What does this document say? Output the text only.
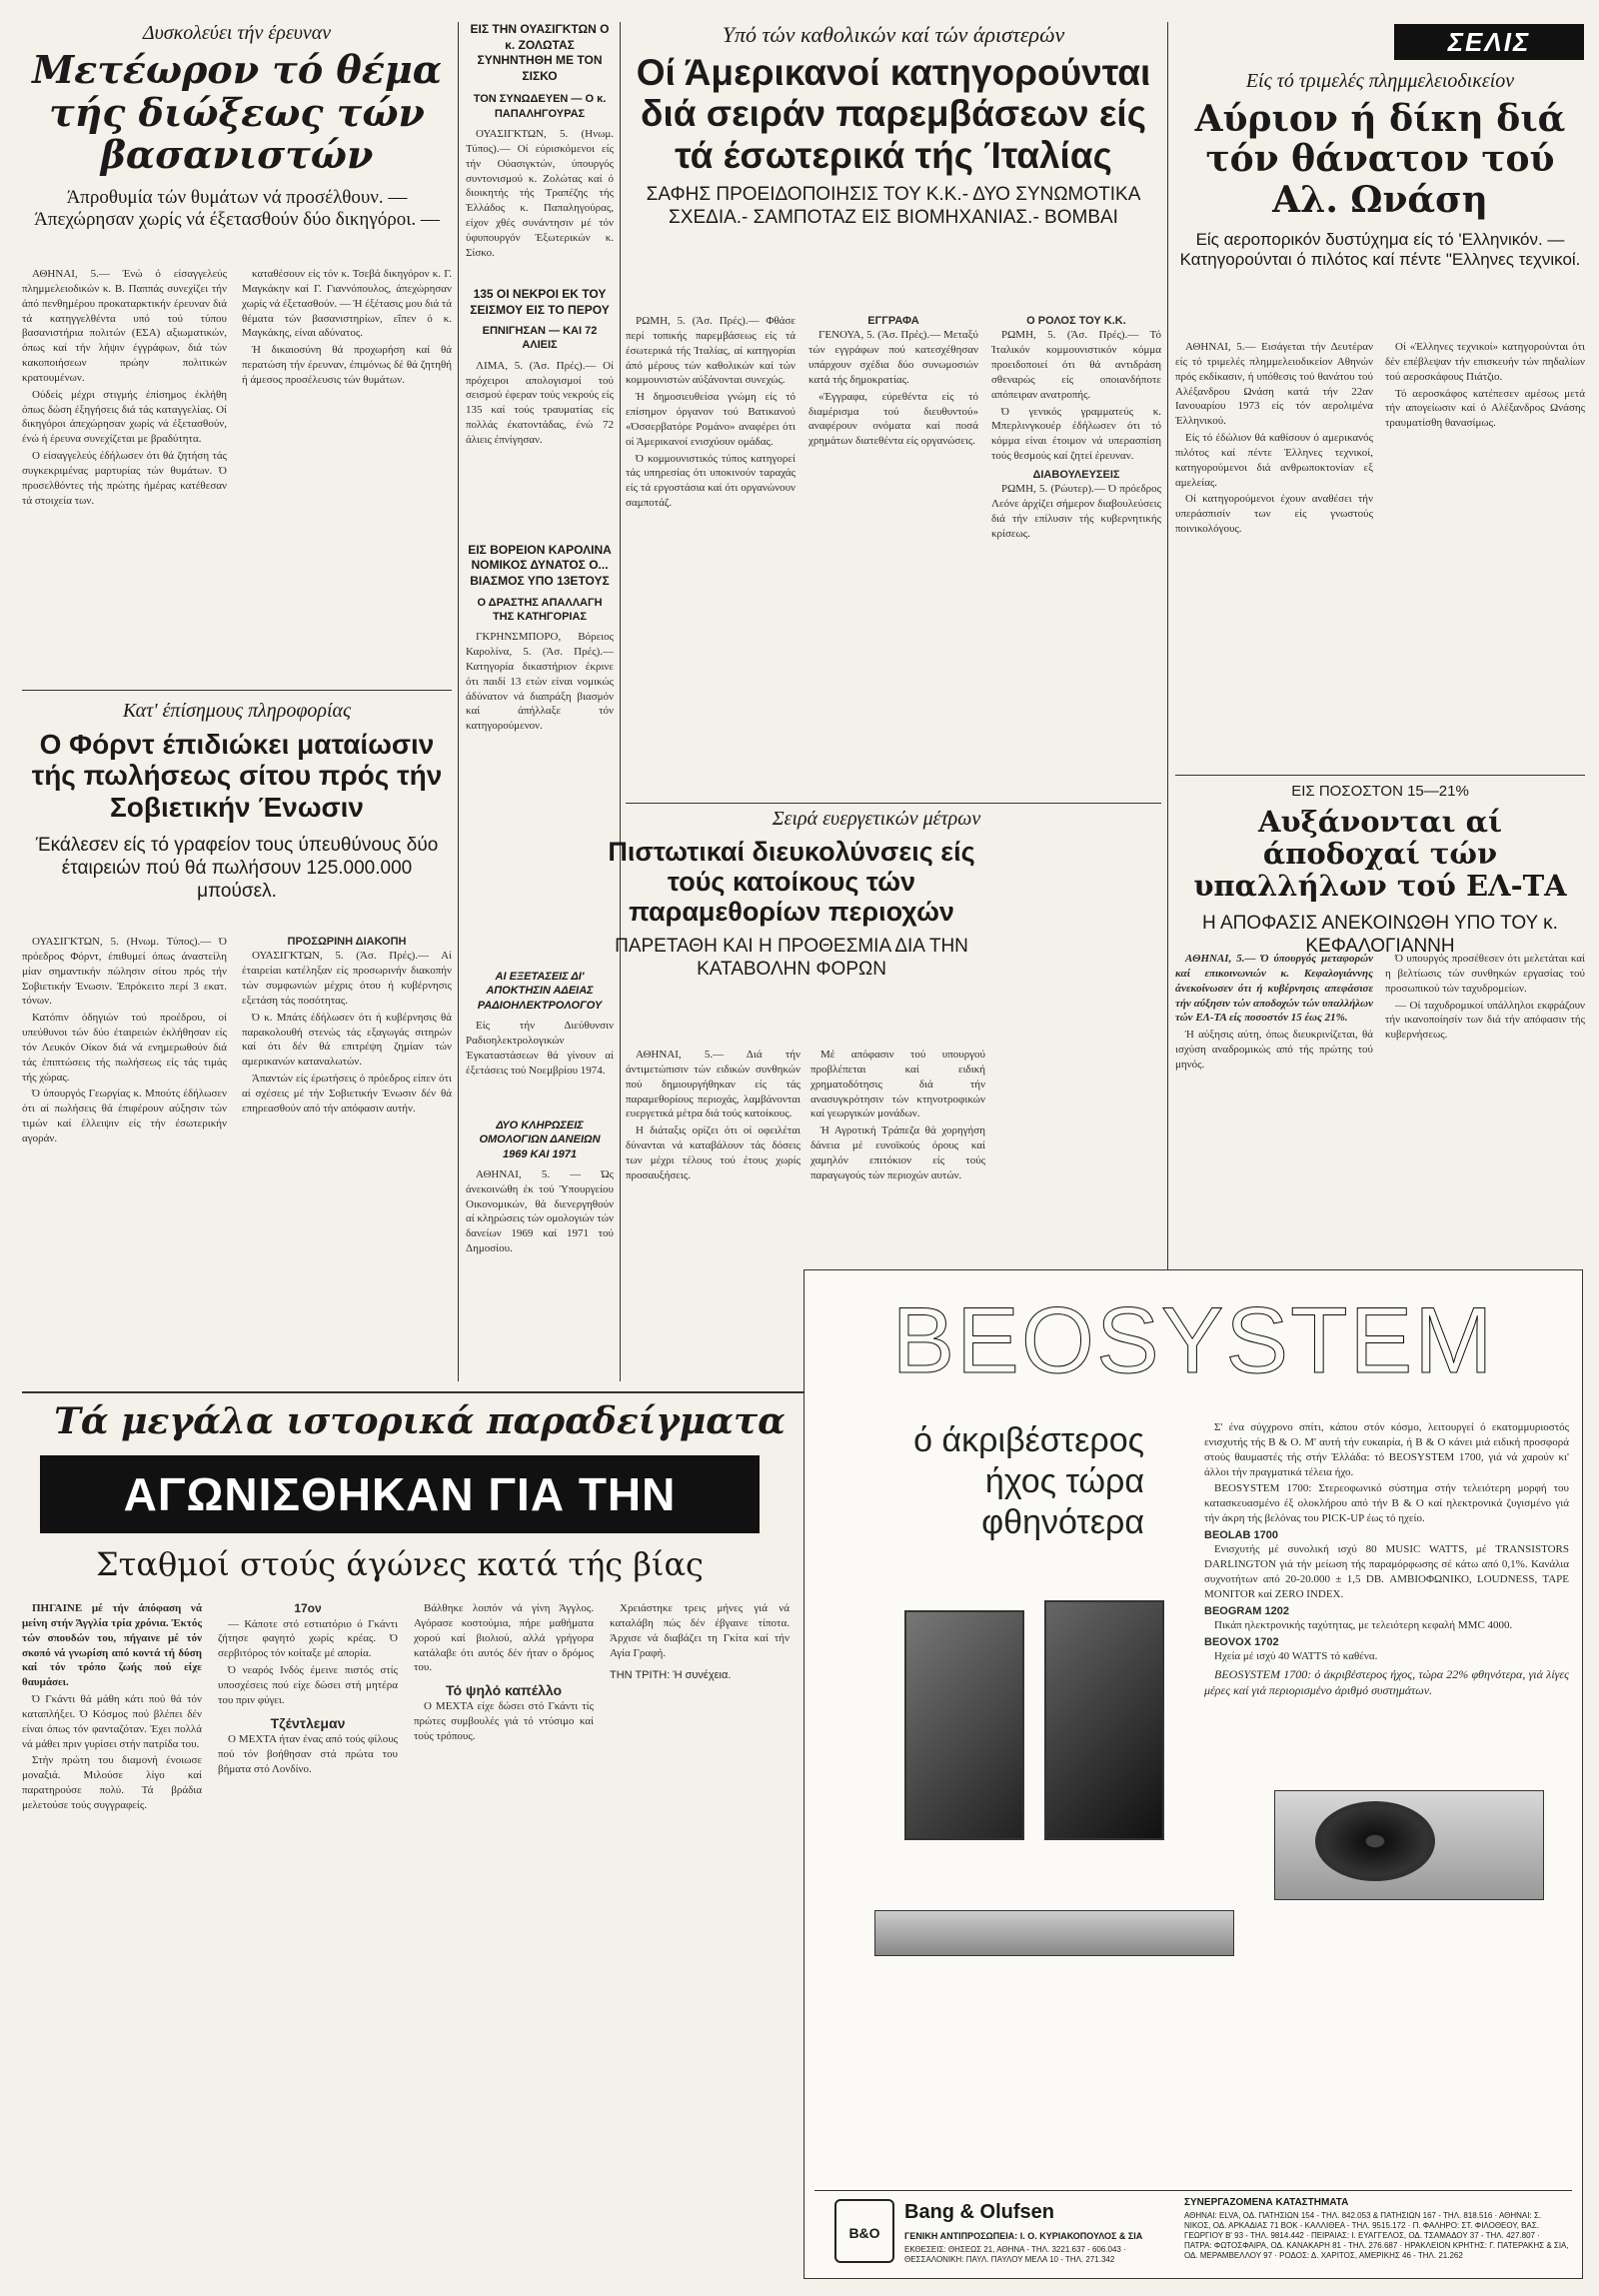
Δυσκολεύει τήν έρευναν
Μετέωρον τό θέμα τής διώξεως τών βασανιστών
Άπροθυμία τών θυμάτων νά προσέλθουν. — Άπεχώρησαν χωρίς νά έξετασθούν δύο δικηγόροι. —

ΑΘΗΝΑΙ, 5.— Ένώ ό είσαγγελεύς πλημμελειοδικών κ. Β. Παππάς συνεχίζει τήν άπό πενθημέρου προκαταρκτικήν έρευναν διά τά κατηγγελθέντα υπό τού τύπου βασανιστήρια πολιτών (ΕΣΑ) αξιωματικών, όπως καί τήν λήψιν έγγράφων, διά τών κακοποιήσεων πρώην πολιτικών κρατουμένων.

Ούδείς μέχρι στιγμής έπίσημος έκλήθη όπως δώση έξηγήσεις διά τάς καταγγελίας. Οί δικηγόροι άπεχώρησαν χωρίς νά έξετασθούν, ένώ ή έρευνα συνεχίζεται με βραδύτητα.

Ο είσαγγελεύς έδήλωσεν ότι θά ζητήση τάς συγκεκριμένας μαρτυρίας τών θυμάτων. Ό προσελθόντες τής πρώτης ήμέρας κατέθεσαν τά στοιχεία των.

καταθέσουν είς τόν κ. Τσεβά δικηγόρον κ. Γ. Μαγκάκην καί Γ. Γιαννόπουλος, άπεχώρησαν χωρίς νά έξετασθούν. — Ή έξέτασις μου διά τά θέματα τών βασανιστηρίων, εΐπεν ό κ. Μαγκάκης, είναι αδύνατος.

Ή δικαιοσύνη θά προχωρήση καί θά περατώση τήν έρευναν, έπιμόνως δέ θά ζητηθή ή άμεσος προσέλευσις τών θυμάτων.

Κατ' έπίσημους πληροφορίας
Ο Φόρντ έπιδιώκει ματαίωσιν τής πωλήσεως σίτου πρός τήν Σοβιετικήν Ένωσιν
Έκάλεσεν είς τό γραφείον τους ύπευθύνους δύο έταιρειών πού θά πωλήσουν 125.000.000 μπούσελ.

ΟΥΑΣΙΓΚΤΩΝ, 5. (Ηνωμ. Τύπος).— Ό πρόεδρος Φόρντ, έπιθυμεί όπως άναστείλη μίαν σημαντικήν πώλησιν σίτου πρός τήν Σοβιετικήν Ένωσιν. Έπρόκειτο περί 3 εκατ. τόνων.

Κατόπιν όδηγιών τού προέδρου, οί υπεύθυνοι τών δύο έταιρειών έκλήθησαν είς τόν Λευκόν Οίκον διά νά ενημερωθούν διά τάς έπιπτώσεις τής πωλήσεως είς τάς τιμάς τής χώρας.

Ό ύπουργός Γεωργίας κ. Μπούτς έδήλωσεν ότι αί πωλήσεις θά έπιφέρουν αύξησιν τών τιμών καί έλλειψιν είς τήν έσωτερικήν αγοράν.

ΠΡΟΣΩΡΙΝΗ ΔΙΑΚΟΠΗ

ΟΥΑΣΙΓΚΤΩΝ, 5. (Άσ. Πρές).— Αί έταιρείαι κατέληξαν είς προσωρινήν διακοπήν τών συμφωνιών μέχρις ότου ή κυβέρνησις εξετάση τάς ποσότητας.

Ό κ. Μπάτς έδήλωσεν ότι ή κυβέρνησις θά παρακολουθή στενώς τάς εξαγωγάς σιτηρών καί ότι δέν θά επιτρέψη ζημίαν τών αμερικανών καταναλωτών.

Άπαντών είς έρωτήσεις ό πρόεδρος είπεν ότι αί σχέσεις μέ τήν Σοβιετικήν Ένωσιν δέν θά επηρεασθούν από τήν απόφασιν αυτήν.

ΕΙΣ ΤΗΝ ΟΥΑΣΙΓΚΤΩΝ Ο κ. ΖΟΛΩΤΑΣ ΣΥΝΗΝΤΗΘΗ ΜΕ ΤΟΝ ΣΙΣΚΟ
ΤΟΝ ΣΥΝΩΔΕΥΕΝ — Ο κ. ΠΑΠΑΛΗΓΟΥΡΑΣ

ΟΥΑΣΙΓΚΤΩΝ, 5. (Ηνωμ. Τύπος).— Οί εύρισκόμενοι είς τήν Ούασιγκτών, ύπουργός συντονισμού κ. Ζολώτας καί ό διοικητής τής Τραπέζης τής Έλλάδος κ. Παπαληγούρας, είχον χθές συνάντησιν μέ τόν ύφυπουργόν Έξωτερικών κ. Σίσκο.

135 ΟΙ ΝΕΚΡΟΙ ΕΚ ΤΟΥ ΣΕΙΣΜΟΥ ΕΙΣ ΤΟ ΠΕΡΟΥ
ΕΠΝΙΓΗΣΑΝ — ΚΑΙ 72 ΑΛΙΕΙΣ

ΛΙΜΑ, 5. (Άσ. Πρές).— Οί πρόχειροι απολογισμοί τού σεισμού έφεραν τούς νεκρούς είς 135 καί τούς τραυματίας είς πολλάς έκατοντάδας, ένώ 72 άλιεις έπνίγησαν.

ΕΙΣ ΒΟΡΕΙΟΝ ΚΑΡΟΛΙΝΑ ΝΟΜΙΚΟΣ ΔΥΝΑΤΟΣ Ο... ΒΙΑΣΜΟΣ ΥΠΟ 13ΕΤΟΥΣ
Ο ΔΡΑΣΤΗΣ ΑΠΑΛΛΑΓΗ ΤΗΣ ΚΑΤΗΓΟΡΙΑΣ

ΓΚΡΗΝΣΜΠΟΡΟ, Βόρειος Καρολίνα, 5. (Άσ. Πρές).— Κατηγορία δικαστήριον έκρινε ότι παιδί 13 ετών είναι νομικώς άδύνατον νά διαπράξη βιασμόν καί άπήλλαξε τόν κατηγορούμενον.

ΑΙ ΕΞΕΤΑΣΕΙΣ ΔΙ' ΑΠΟΚΤΗΣΙΝ ΑΔΕΙΑΣ ΡΑΔΙΟΗΛΕΚΤΡΟΛΟΓΟΥ

Είς τήν Διεύθυνσιν Ραδιοηλεκτρολογικών Έγκαταστάσεων θά γίνουν αί έξετάσεις τού Νοεμβρίου 1974.

ΔΥΟ ΚΛΗΡΩΣΕΙΣ ΟΜΟΛΟΓΙΩΝ ΔΑΝΕΙΩΝ 1969 ΚΑΙ 1971

ΑΘΗΝΑΙ, 5. — Ώς άνεκοινώθη έκ τού Ύπουργείου Οικονομικών, θά διενεργηθούν αί κληρώσεις τών ομολογιών τών δανείων 1969 καί 1971 τού Δημοσίου.

Υπό τών καθολικών καί τών άριστερών
Οί Άμερικανοί κατηγορούνται διά σειράν παρεμβάσεων είς τά έσωτερικά τής Ίταλίας
ΣΑΦΗΣ ΠΡΟΕΙΔΟΠΟΙΗΣΙΣ ΤΟΥ Κ.Κ.- ΔΥΟ ΣΥΝΩΜΟΤΙΚΑ ΣΧΕΔΙΑ.- ΣΑΜΠΟΤΑΖ ΕΙΣ ΒΙΟΜΗΧΑΝΙΑΣ.- ΒΟΜΒΑΙ

ΡΩΜΗ, 5. (Άσ. Πρές).— Φθάσε περί τοπικής παρεμβάσεως είς τά έσωτερικά τής Ίταλίας, αί κατηγορίαι άπό μέρους τών καθολικών καί τών κομμουνιστών αύξάνονται συνεχώς.

Ή δημοσιευθείσα γνώμη είς τό επίσημον όργανον τού Βατικανού «Όσσερβατόρε Ρομάνο» αναφέρει ότι οί Άμερικανοί ενισχύουν ομάδας.

Ό κομμουνιστικός τύπος κατηγορεί τάς υπηρεσίας ότι υποκινούν ταραχάς είς τά εργοστάσια καί ότι οργανώνουν σαμποτάζ.

ΕΓΓΡΑΦΑ

ΓΕΝΟΥΑ, 5. (Άσ. Πρές).— Μεταξύ τών εγγράφων πού κατεσχέθησαν υπάρχουν σχέδια δύο συνωμοσιών κατά τής δημοκρατίας.

«Έγγραφα, εύρεθέντα είς τό διαμέρισμα τού διευθυντού» αναφέρουν ονόματα καί ποσά χρημάτων διατεθέντα είς οργανώσεις.

Ο ΡΟΛΟΣ ΤΟΥ Κ.Κ.

ΡΩΜΗ, 5. (Άσ. Πρές).— Τό Ίταλικόν κομμουνιστικόν κόμμα προειδοποιεί ότι θά αντιδράση σθεναρώς είς οποιανδήποτε απόπειραν ανατροπής.

Ό γενικός γραμματεύς κ. Μπερλινγκουέρ έδήλωσεν ότι τό κόμμα είναι έτοιμον νά υπερασπίση τούς θεσμούς καί ζητεί έρευναν.

ΔΙΑΒΟΥΛΕΥΣΕΙΣ

ΡΩΜΗ, 5. (Ρώυτερ).— Ό πρόεδρος Λεόνε άρχίζει σήμερον διαβουλεύσεις διά τήν επίλυσιν τής κυβερνητικής κρίσεως.

Σειρά ευεργετικών μέτρων
Πιστωτικαί διευκολύνσεις είς τούς κατοίκους τών παραμεθορίων περιοχών
ΠΑΡΕΤΑΘΗ ΚΑΙ Η ΠΡΟΘΕΣΜΙΑ ΔΙΑ ΤΗΝ ΚΑΤΑΒΟΛΗΝ ΦΟΡΩΝ

ΑΘΗΝΑΙ, 5.— Διά τήν άντιμετώπισιν τών ειδικών συνθηκών πού δημιουργήθηκαν είς τάς παραμεθορίους περιοχάς, λαμβάνονται ευεργετικά μέτρα διά τούς κατοίκους.

Η διάταξις ορίζει ότι οί οφειλέται δύνανται νά καταβάλουν τάς δόσεις των μέχρι τέλους τού έτους χωρίς προσαυξήσεις.

Μέ απόφασιν τού υπουργού προβλέπεται καί ειδική χρηματοδότησις διά τήν ανασυγκρότησιν τών κτηνοτροφικών καί γεωργικών μονάδων.

Ή Αγροτική Τράπεζα θά χορηγήση δάνεια μέ ευνοϊκούς όρους καί χαμηλόν επιτόκιον είς τούς παραγωγούς τών περιοχών αυτών.

ΣΕΛΙΣ
Είς τό τριμελές πλημμελειοδικείον
Αύριον ή δίκη διά τόν θάνατον τού Αλ. Ωνάση
Είς αεροπορικόν δυστύχημα είς τό 'Ελληνικόν. — Κατηγορούνται ό πιλότος καί πέντε "Ελληνες τεχνικοί.

ΑΘΗΝΑΙ, 5.— Εισάγεται τήν Δευτέραν είς τό τριμελές πλημμελειοδικείον Αθηνών πρός εκδίκασιν, ή υπόθεσις τού θανάτου τού Αλέξανδρου Ωνάση κατά τήν 22αν Ιανουαρίου 1973 είς τόν αερολιμένα Έλληνικού.

Είς τό έδώλιον θά καθίσουν ό αμερικανός πιλότος καί πέντε Έλληνες τεχνικοί, κατηγορούμενοι διά ανθρωποκτονίαν εξ αμελείας.

Οί κατηγορούμενοι έχουν αναθέσει τήν υπεράσπισίν των είς γνωστούς ποινικολόγους.

Οί «Έλληνες τεχνικοί» κατηγορούνται ότι δέν επέβλεψαν τήν επισκευήν τών πηδαλίων τού αεροσκάφους Πιάτζιο.

Τό αεροσκάφος κατέπεσεν αμέσως μετά τήν απογείωσιν καί ό Αλέξανδρος Ωνάσης τραυματίσθη θανασίμως.

ΕΙΣ ΠΟΣΟΣΤΟΝ 15—21%
Αυξάνονται αί άποδοχαί τών υπαλλήλων τού ΕΛ-ΤΑ
Η ΑΠΟΦΑΣΙΣ ΑΝΕΚΟΙΝΩΘΗ ΥΠΟ ΤΟΥ κ. ΚΕΦΑΛΟΓΙΑΝΝΗ

ΑΘΗΝΑΙ, 5.— Ό ύπουργός μεταφορών καί επικοινωνιών κ. Κεφαλογιάννης άνεκοίνωσεν ότι ή κυβέρνησις απεφάσισε τήν αύξησιν τών αποδοχών τών υπαλλήλων τών ΕΛ-ΤΑ είς ποσοστόν 15 έως 21%.

Ή αύξησις αύτη, όπως διευκρινίζεται, θά ισχύση αναδρομικώς από τής πρώτης τού μηνός.

Ό υπουργός προσέθεσεν ότι μελετάται καί η βελτίωσις τών συνθηκών εργασίας τού προσωπικού τών ταχυδρομείων.

— Οί ταχυδρομικοί υπάλληλοι εκφράζουν τήν ικανοποίησίν των διά τήν απόφασιν τής κυβερνήσεως.

Τά μεγάλα ιστορικά παραδείγματα
ΑΓΩΝΙΣΘΗΚΑΝ ΓΙΑ ΤΗΝ
Σταθμοί στούς άγώνες κατά τής βίας

ΠΗΓΑΙΝΕ μέ τήν άπόφαση νά μείνη στήν Άγγλία τρία χρόνια. Έκτός τών σπουδών του, πήγαινε μέ τόν σκοπό νά γνωρίση από κοντά τή δύση καί τόν τρόπο ζωής πού είχε θαυμάσει.

Ό Γκάντι θά μάθη κάτι πού θά τόν καταπλήξει. Ό Κόσμος πού βλέπει δέν είναι όπως τόν φανταζόταν. Έχει πολλά νά μάθει πριν γυρίσει στήν πατρίδα του.

Στήν πρώτη του διαμονή ένοιωσε μοναξιά. Μιλούσε λίγο καί παρατηρούσε πολύ. Τά βράδια μελετούσε τούς συγγραφείς.

17ον

— Κάποτε στό εστιατόριο ό Γκάντι ζήτησε φαγητό χωρίς κρέας. Ό σερβιτόρος τόν κοίταξε μέ απορία.

Ό νεαρός Ινδός έμεινε πιστός στίς υποσχέσεις πού είχε δώσει στή μητέρα του πριν φύγει.

Τζέντλεμαν

Ο ΜΕΧΤΑ ήταν ένας από τούς φίλους πού τόν βοήθησαν στά πρώτα του βήματα στό Λονδίνο.

Βάλθηκε λοιπόν νά γίνη Άγγλος. Αγόρασε κοστούμια, πήρε μαθήματα χορού καί βιολιού, αλλά γρήγορα κατάλαβε ότι αυτός δέν ήταν ο δρόμος του.

Τό ψηλό καπέλλο

Ο ΜΕΧΤΑ είχε δώσει στό Γκάντι τίς πρώτες συμβουλές γιά τό ντύσιμο καί τούς τρόπους.

Χρειάστηκε τρεις μήνες γιά νά καταλάβη πώς δέν έβγαινε τίποτα. Άρχισε νά διαβάζει τη Γκίτα καί τήν Αγία Γραφή.

ΤΗΝ ΤΡΙΤΗ: Ή συνέχεια.
BEOSYSTEM
ό άκριβέστερος ήχος τώρα φθηνότερα

Σ' ένα σύγχρονο σπίτι, κάπου στόν κόσμο, λειτουργεί ό εκατομμυριοστός ενισχυτής τής B & O. Μ' αυτή τήν ευκαιρία, ή B & O κάνει μιά ειδική προσφορά στούς θαυμαστές τής στήν Έλλάδα: τό BEOSYSTEM 1700, γιά νά χαρούν κι' άλλοι τήν πραγματικά τέλεια ήχο.

BEOSYSTEM 1700: Στερεοφωνικό σύστημα στήν τελειότερη μορφή του κατασκευασμένο έξ ολοκλήρου από τήν B & O καί ηλεκτρονικά ζυγισμένο γιά τήν άκρη τής βελόνας του PICK-UP έως τό ηχείο.

BEOLAB 1700

Ενισχυτής μέ συνολική ισχύ 80 MUSIC WATTS, μέ TRANSISTORS DARLINGTON γιά τήν μείωση τής παραμόρφωσης σέ κάτω από 0,1%. Κανάλια συχνοτήτων από 20-20.000 ± 1,5 DB. ΑΜΒΙΟΦΩΝΙΚΟ, LOUDNESS, TAPE MONITOR καί ZERO INDEX.

BEOGRAM 1202

Πικάπ ηλεκτρονικής ταχύτητας, με τελειότερη κεφαλή MMC 4000.

BEOVOX 1702

Ηχεία μέ ισχύ 40 WATTS τό καθένα.

BEOSYSTEM 1700: ό άκριβέστερος ήχος, τώρα 22% φθηνότερα, γιά λίγες μέρες καί γιά περιορισμένο άριθμό συστημάτων.

B&O
Bang & Olufsen
ΓΕΝΙΚΗ ΑΝΤΙΠΡΟΣΩΠΕΙΑ: Ι. Ο. ΚΥΡΙΑΚΟΠΟΥΛΟΣ & ΣΙΑ
ΕΚΘΕΣΕΙΣ: ΘΗΣΕΩΣ 21, ΑΘΗΝΑ - ΤΗΛ. 3221.637 - 606.043 · ΘΕΣΣΑΛΟΝΙΚΗ: ΠΑΥΛ. ΠΑΥΛΟΥ ΜΕΛΑ 10 - ΤΗΛ. 271.342
ΣΥΝΕΡΓΑΖΟΜΕΝΑ ΚΑΤΑΣΤΗΜΑΤΑ
ΑΘΗΝΑΙ: ELVA, ΟΔ. ΠΑΤΗΣΙΩΝ 154 - ΤΗΛ. 842.053 & ΠΑΤΗΣΙΩΝ 167 - ΤΗΛ. 818.516 · ΑΘΗΝΑΙ: Σ. ΝΙΚΟΣ, ΟΔ. ΑΡΚΑΔΙΑΣ 71 ΒΟΚ - ΚΑΛΛΙΘΕΑ - ΤΗΛ. 9515.172 · Π. ΦΑΛΗΡΟ: ΣΤ. ΦΙΛΟΘΕΟΥ, ΒΑΣ. ΓΕΩΡΓΙΟΥ Β' 93 - ΤΗΛ. 9814.442 · ΠΕΙΡΑΙΑΣ: Ι. ΕΥΑΓΓΕΛΟΣ, ΟΔ. ΤΣΑΜΑΔΟΥ 37 - ΤΗΛ. 427.807 · ΠΑΤΡΑ: ΦΩΤΟΣΦΑΙΡΑ, ΟΔ. ΚΑΝΑΚΑΡΗ 81 - ΤΗΛ. 276.687 · ΗΡΑΚΛΕΙΟΝ ΚΡΗΤΗΣ: Γ. ΠΑΤΕΡΑΚΗΣ & ΣΙΑ, ΟΔ. ΜΕΡΑΜΒΕΛΛΟΥ 97 · ΡΟΔΟΣ: Δ. ΧΑΡΙΤΟΣ, ΑΜΕΡΙΚΗΣ 46 - ΤΗΛ. 21.262
